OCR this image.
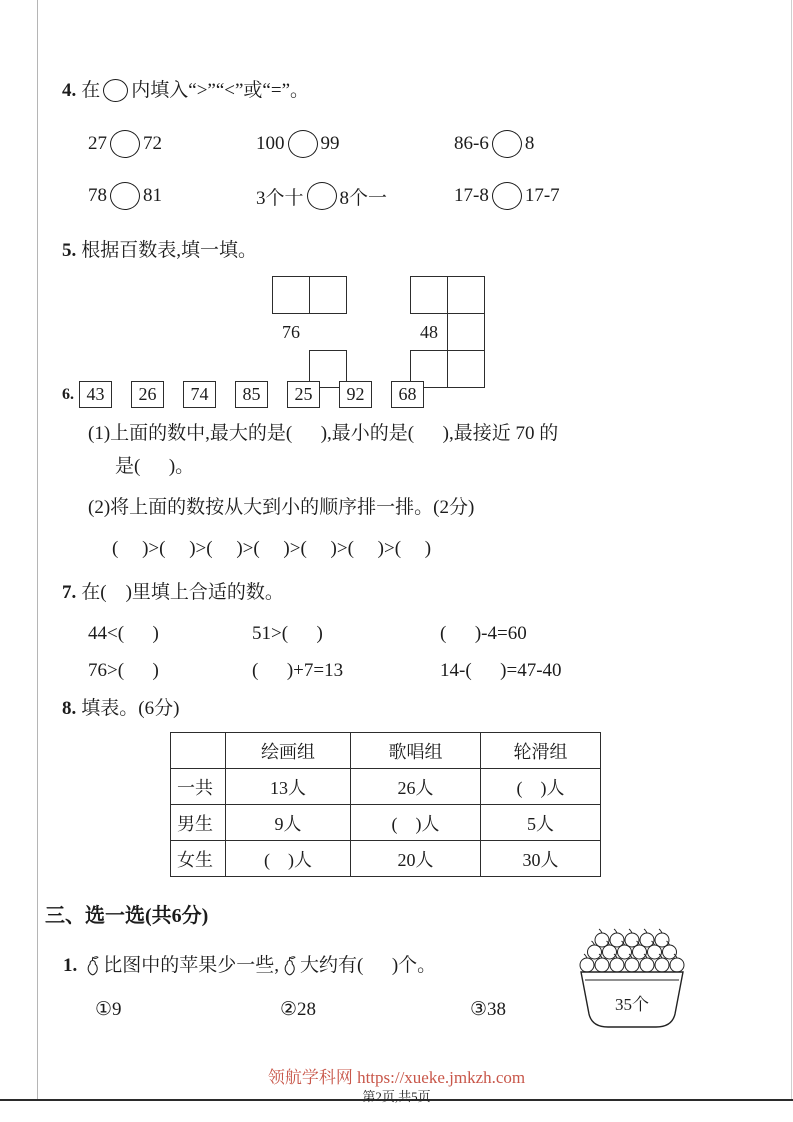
4. 在 内填入“>”“<”或“=”。
27 72	100 99	86-6 8
78 81	3个十 8个一	17-8 17-7
5. 根据百数表,填一填。
76	48
6. 43	26	74	85	25	92	68
(1)上面的数中,最大的是(      ),最小的是(      ),最接近 70 的
是(      )。
(2)将上面的数按从大到小的顺序排一排。(2分)
(     )>(     )>(     )>(     )>(     )>(     )>(     )
7. 在(    )里填上合适的数。
44<(      )	51>(      )	(      )-4=60
76>(      )	(      )+7=13	14-(      )=47-40
8. 填表。(6分)
	绘画组	歌唱组	轮滑组
一共	13人	26人	(    )人
男生	9人	(    )人	5人
女生	(    )人	20人	30人
三、选一选(共6分)
1. 比图中的苹果少一些, 大约有(      )个。
①9	②28	③38	35个
领航学科网 https://xueke.jmkzh.com
第2页,共5页
